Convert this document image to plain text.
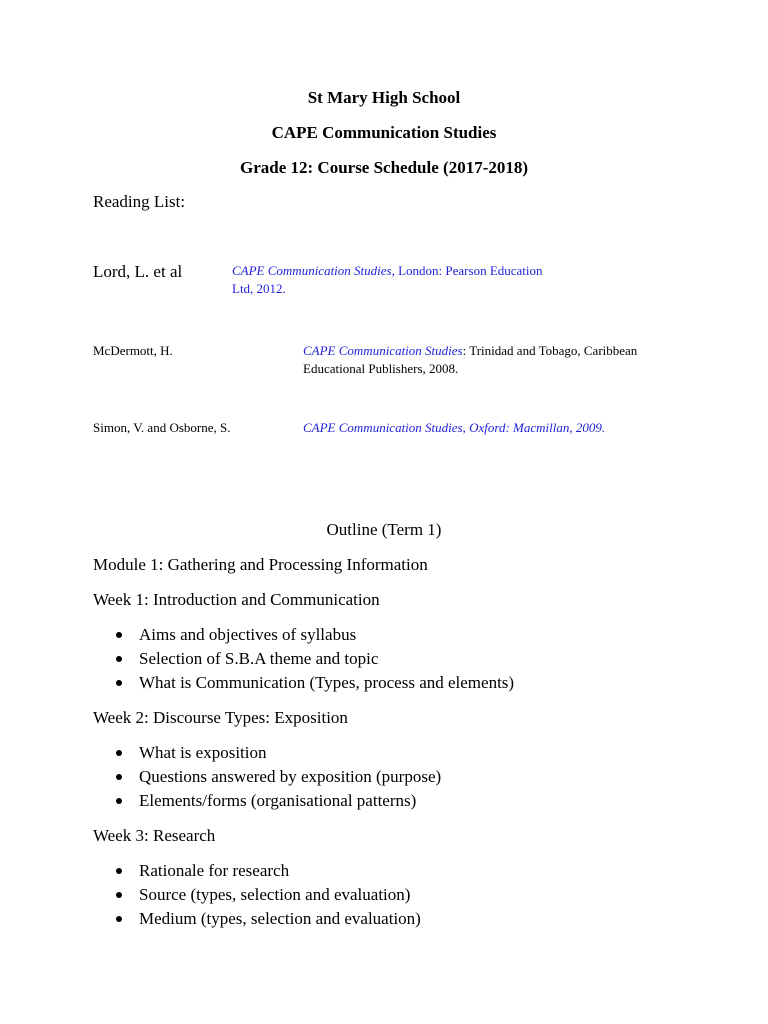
St Mary High School
CAPE Communication Studies
Grade 12: Course Schedule (2017-2018)
Reading List:
Lord, L. et al	CAPE Communication Studies, London: Pearson Education
Ltd, 2012.
McDermott, H.	CAPE Communication Studies: Trinidad and Tobago, Caribbean
Educational Publishers, 2008.
Simon, V. and Osborne, S.	CAPE Communication Studies, Oxford: Macmillan, 2009.
Outline (Term 1)
Module 1: Gathering and Processing Information
Week 1: Introduction and Communication
Aims and objectives of syllabus
Selection of S.B.A theme and topic
What is Communication (Types, process and elements)
Week 2: Discourse Types: Exposition
What is exposition
Questions answered by exposition (purpose)
Elements/forms (organisational patterns)
Week 3: Research
Rationale for research
Source (types, selection and evaluation)
Medium (types, selection and evaluation)
